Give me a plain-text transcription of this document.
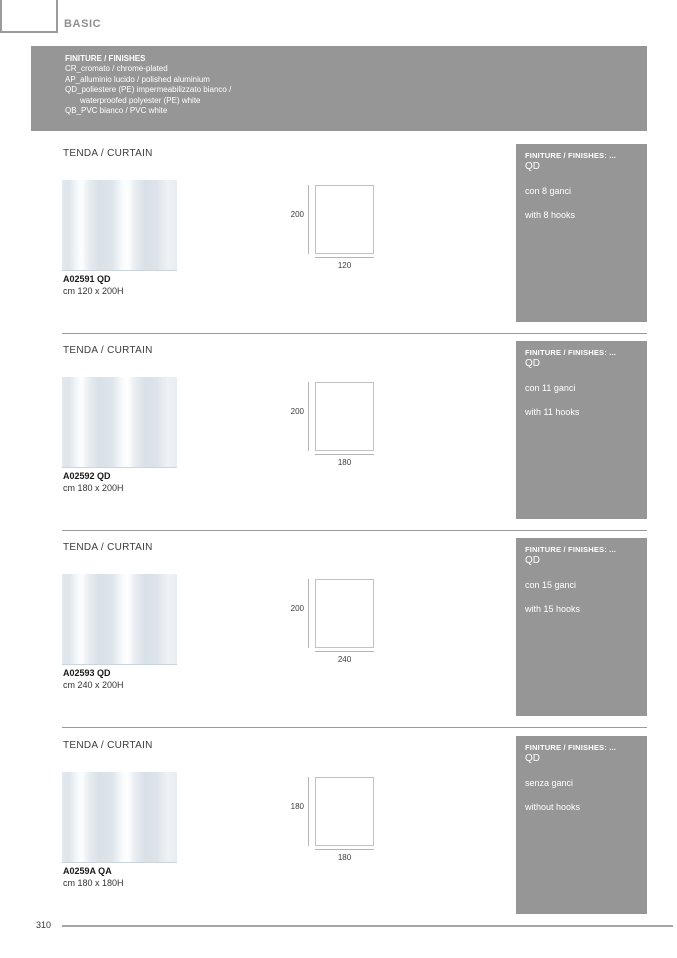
BASIC
FINITURE / FINISHES
CR_cromato / chrome-plated
AP_alluminio lucido / polished aluminium
QD_poliestere (PE) impermeabilizzato bianco /
waterproofed polyester (PE) white
QB_PVC bianco / PVC white
TENDA / CURTAIN
A02591 QD
cm 120 x 200H
200
120
FINITURE / FINISHES: ...
QD
con 8 ganci
with 8 hooks
TENDA / CURTAIN
A02592 QD
cm 180 x 200H
200
180
FINITURE / FINISHES: ...
QD
con 11 ganci
with 11 hooks
TENDA / CURTAIN
A02593 QD
cm 240 x 200H
200
240
FINITURE / FINISHES: ...
QD
con 15 ganci
with 15 hooks
TENDA / CURTAIN
A0259A QA
cm 180 x 180H
180
180
FINITURE / FINISHES: ...
QD
senza ganci
without hooks
310
